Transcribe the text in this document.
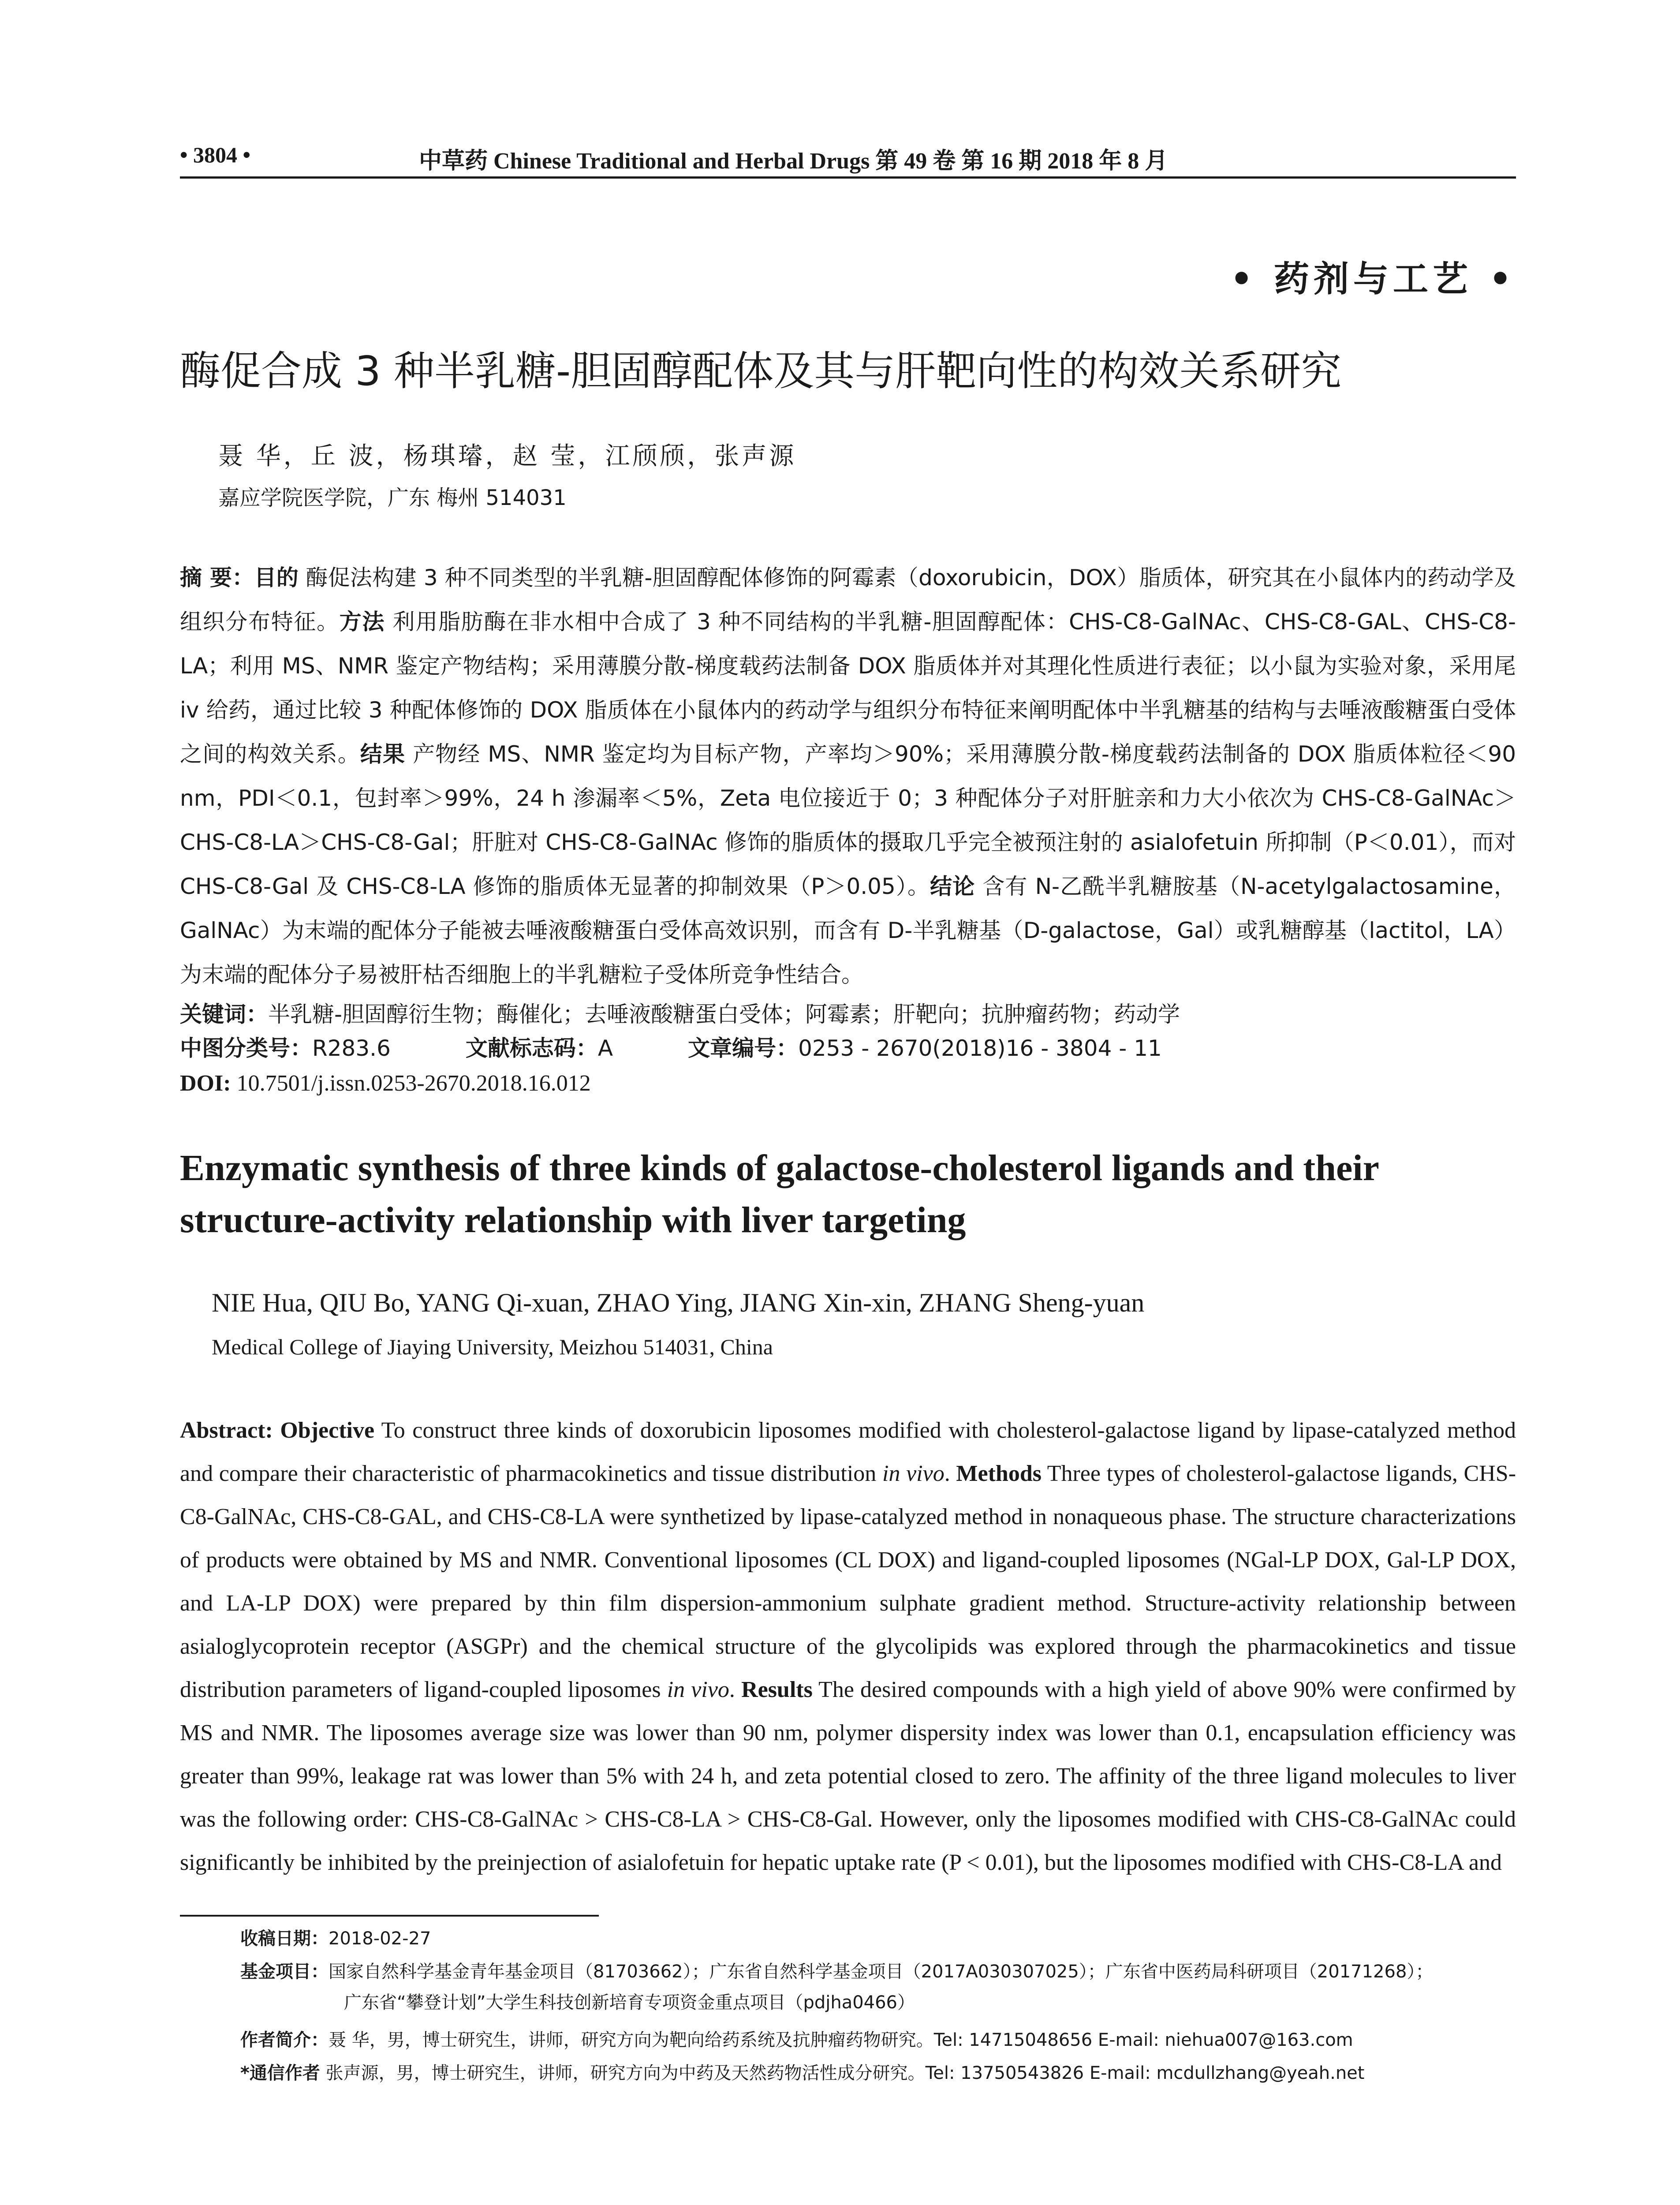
• 3804 •	中草药 Chinese Traditional and Herbal Drugs 第 49 卷 第 16 期 2018 年 8 月
• 药剂与工艺 •
酶促合成 3 种半乳糖-胆固醇配体及其与肝靶向性的构效关系研究
聂 华，丘 波，杨琪璿，赵 莹，江颀颀，张声源
嘉应学院医学院，广东 梅州 514031
摘 要：目的 酶促法构建 3 种不同类型的半乳糖-胆固醇配体修饰的阿霉素（doxorubicin，DOX）脂质体，研究其在小鼠体内的药动学及组织分布特征。方法 利用脂肪酶在非水相中合成了 3 种不同结构的半乳糖-胆固醇配体：CHS-C8-GalNAc、CHS-C8-GAL、CHS-C8-LA；利用 MS、NMR 鉴定产物结构；采用薄膜分散-梯度载药法制备 DOX 脂质体并对其理化性质进行表征；以小鼠为实验对象，采用尾 iv 给药，通过比较 3 种配体修饰的 DOX 脂质体在小鼠体内的药动学与组织分布特征来阐明配体中半乳糖基的结构与去唾液酸糖蛋白受体之间的构效关系。结果 产物经 MS、NMR 鉴定均为目标产物，产率均＞90%；采用薄膜分散-梯度载药法制备的 DOX 脂质体粒径＜90 nm，PDI＜0.1，包封率＞99%，24 h 渗漏率＜5%，Zeta 电位接近于 0；3 种配体分子对肝脏亲和力大小依次为 CHS-C8-GalNAc＞CHS-C8-LA＞CHS-C8-Gal；肝脏对 CHS-C8-GalNAc 修饰的脂质体的摄取几乎完全被预注射的 asialofetuin 所抑制（P＜0.01），而对 CHS-C8-Gal 及 CHS-C8-LA 修饰的脂质体无显著的抑制效果（P＞0.05）。结论 含有 N-乙酰半乳糖胺基（N-acetylgalactosamine，GalNAc）为末端的配体分子能被去唾液酸糖蛋白受体高效识别，而含有 D-半乳糖基（D-galactose，Gal）或乳糖醇基（lactitol，LA）为末端的配体分子易被肝枯否细胞上的半乳糖粒子受体所竞争性结合。
关键词：半乳糖-胆固醇衍生物；酶催化；去唾液酸糖蛋白受体；阿霉素；肝靶向；抗肿瘤药物；药动学
中图分类号：R283.6	文献标志码：A	文章编号：0253 - 2670(2018)16 - 3804 - 11
DOI: 10.7501/j.issn.0253-2670.2018.16.012
Enzymatic synthesis of three kinds of galactose-cholesterol ligands and their structure-activity relationship with liver targeting
NIE Hua, QIU Bo, YANG Qi-xuan, ZHAO Ying, JIANG Xin-xin, ZHANG Sheng-yuan
Medical College of Jiaying University, Meizhou 514031, China
Abstract: Objective To construct three kinds of doxorubicin liposomes modified with cholesterol-galactose ligand by lipase-catalyzed method and compare their characteristic of pharmacokinetics and tissue distribution in vivo. Methods Three types of cholesterol-galactose ligands, CHS-C8-GalNAc, CHS-C8-GAL, and CHS-C8-LA were synthetized by lipase-catalyzed method in nonaqueous phase. The structure characterizations of products were obtained by MS and NMR. Conventional liposomes (CL DOX) and ligand-coupled liposomes (NGal-LP DOX, Gal-LP DOX, and LA-LP DOX) were prepared by thin film dispersion-ammonium sulphate gradient method. Structure-activity relationship between asialoglycoprotein receptor (ASGPr) and the chemical structure of the glycolipids was explored through the pharmacokinetics and tissue distribution parameters of ligand-coupled liposomes in vivo. Results The desired compounds with a high yield of above 90% were confirmed by MS and NMR. The liposomes average size was lower than 90 nm, polymer dispersity index was lower than 0.1, encapsulation efficiency was greater than 99%, leakage rat was lower than 5% with 24 h, and zeta potential closed to zero. The affinity of the three ligand molecules to liver was the following order: CHS-C8-GalNAc > CHS-C8-LA > CHS-C8-Gal. However, only the liposomes modified with CHS-C8-GalNAc could significantly be inhibited by the preinjection of asialofetuin for hepatic uptake rate (P < 0.01), but the liposomes modified with CHS-C8-LA and
收稿日期：2018-02-27
基金项目：国家自然科学基金青年基金项目（81703662）；广东省自然科学基金项目（2017A030307025）；广东省中医药局科研项目（20171268）；
广东省“攀登计划”大学生科技创新培育专项资金重点项目（pdjha0466）
作者简介：聂 华，男，博士研究生，讲师，研究方向为靶向给药系统及抗肿瘤药物研究。Tel: 14715048656 E-mail: niehua007@163.com
*通信作者 张声源，男，博士研究生，讲师，研究方向为中药及天然药物活性成分研究。Tel: 13750543826 E-mail: mcdullzhang@yeah.net
